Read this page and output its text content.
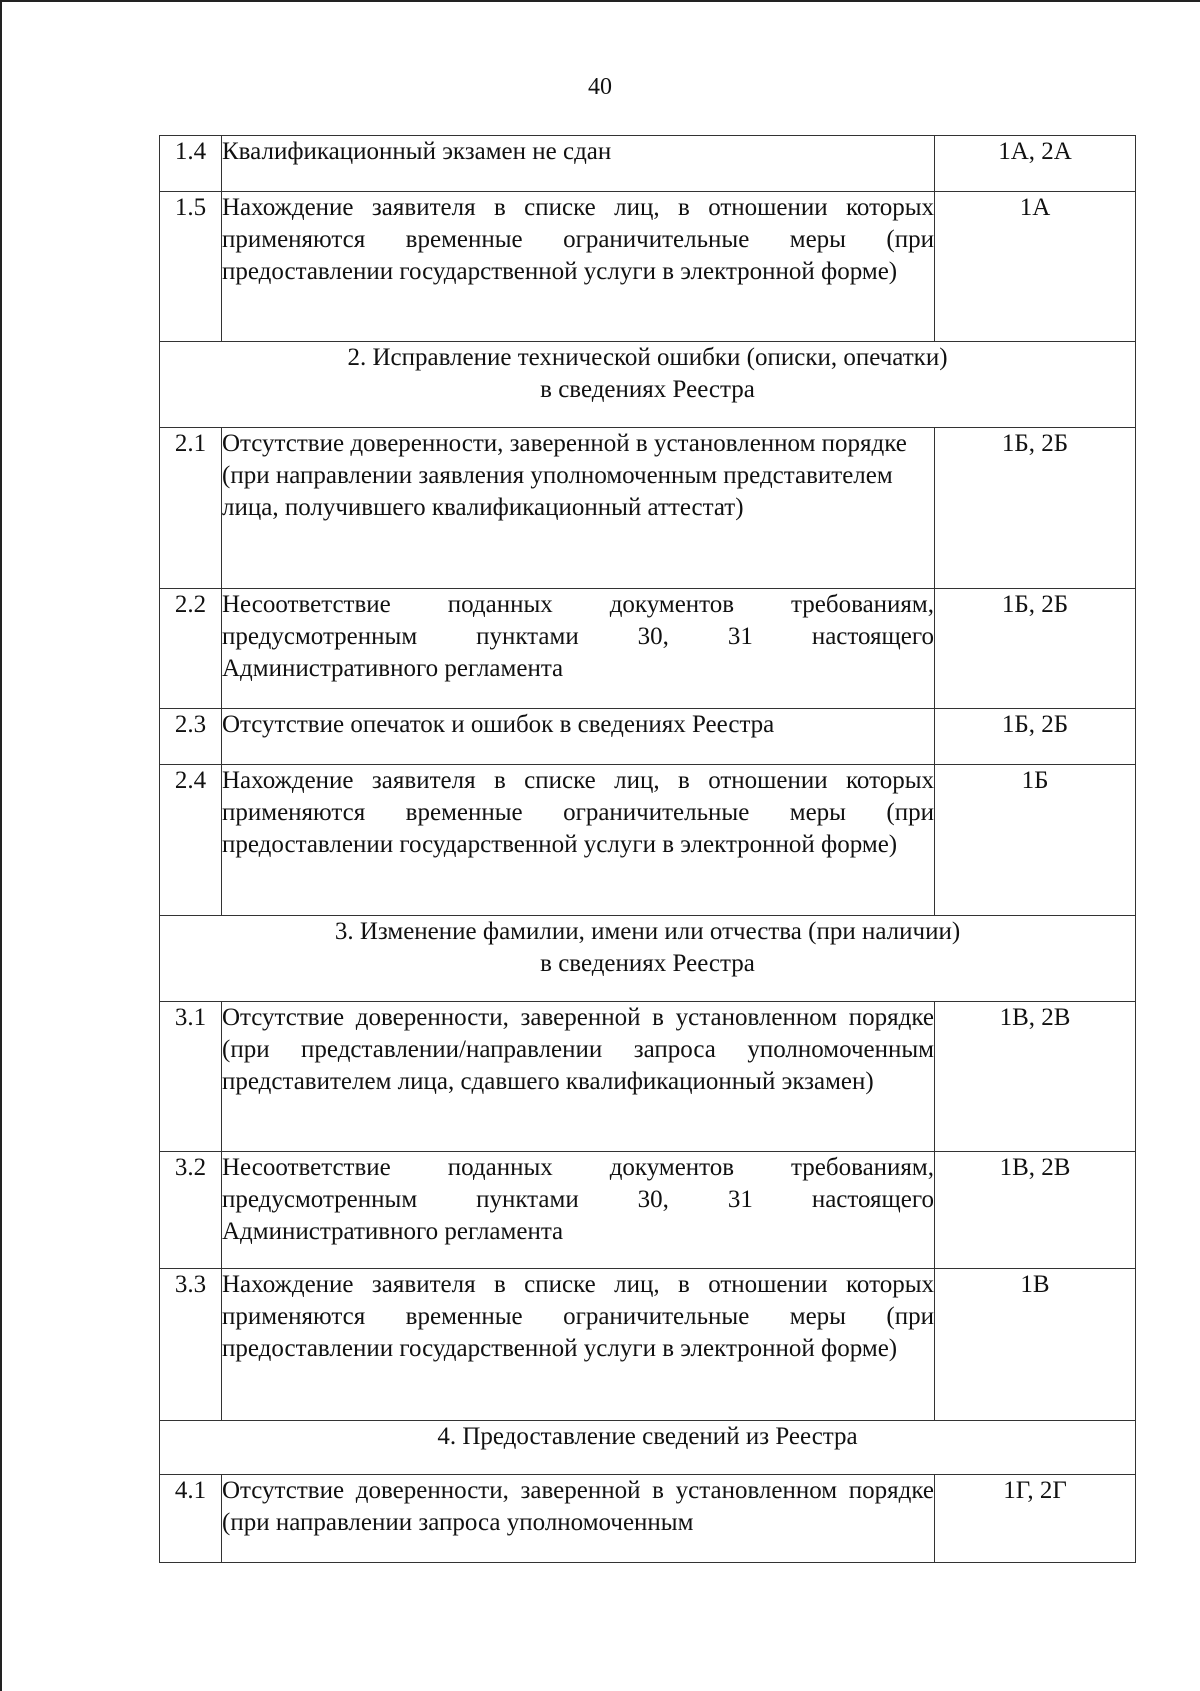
40
1.4	Квалификационный экзамен не сдан	1А, 2А
1.5	Нахождение заявителя в списке лиц, в отношении которых применяются временные ограничительные меры (при предоставлении государственной услуги в электронной форме)	1А

2. Исправление технической ошибки (описки, опечатки)
в сведениях Реестра		

2.1	Отсутствие доверенности, заверенной в установленном порядке (при направлении заявления уполномоченным представителем лица, получившего квалификационный аттестат)	1Б, 2Б
2.2	Несоответствие поданных документов требованиям, предусмотренным пунктами 30, 31 настоящего Административного регламента	1Б, 2Б
2.3	Отсутствие опечаток и ошибок в сведениях Реестра	1Б, 2Б
2.4	Нахождение заявителя в списке лиц, в отношении которых применяются временные ограничительные меры (при предоставлении государственной услуги в электронной форме)	1Б

3. Изменение фамилии, имени или отчества (при наличии)
в сведениях Реестра		

3.1	Отсутствие доверенности, заверенной в установленном порядке (при представлении/направлении запроса уполномоченным представителем лица, сдавшего квалификационный экзамен)	1В, 2В
3.2	Несоответствие поданных документов требованиям, предусмотренным пунктами 30, 31 настоящего Административного регламента	1В, 2В
3.3	Нахождение заявителя в списке лиц, в отношении которых применяются временные ограничительные меры (при предоставлении государственной услуги в электронной форме)	1В

4. Предоставление сведений из Реестра		

4.1	Отсутствие доверенности, заверенной в установленном порядке (при направлении запроса уполномоченным	1Г, 2Г
